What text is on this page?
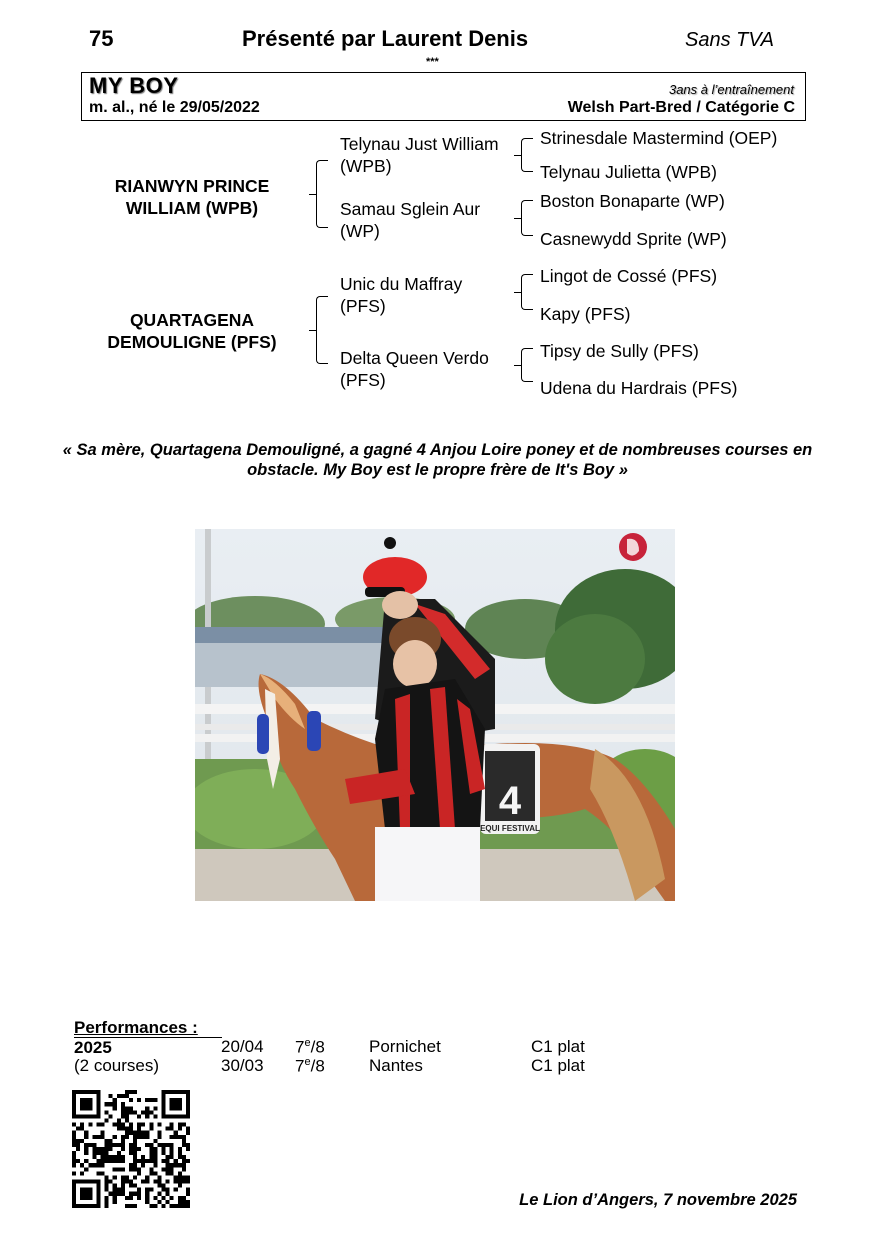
75	Présenté par Laurent Denis	Sans TVA
***
MY BOY
m. al., né le 29/05/2022
3ans à l’entraînement
Welsh Part-Bred / Catégorie C
RIANWYN PRINCE WILLIAM (WPB)
QUARTAGENA DEMOULIGNE (PFS)
Telynau Just William (WPB)
Samau Sglein Aur (WP)
Unic du Maffray (PFS)
Delta Queen Verdo (PFS)
Strinesdale Mastermind (OEP)
Telynau Julietta (WPB)
Boston Bonaparte (WP)
Casnewydd Sprite (WP)
Lingot de Cossé (PFS)
Kapy (PFS)
Tipsy de Sully (PFS)
Udena du Hardrais (PFS)
« Sa mère, Quartagena Demouligné, a gagné 4 Anjou Loire poney et de nombreuses courses en obstacle. My Boy est le propre frère de It's Boy »
4
EQUI FESTIVAL
Performances :
2025
(2 courses)
20/04 7e/8	Pornichet	C1 plat
30/03 7e/8	Nantes	C1 plat
Le Lion d’Angers, 7 novembre 2025
